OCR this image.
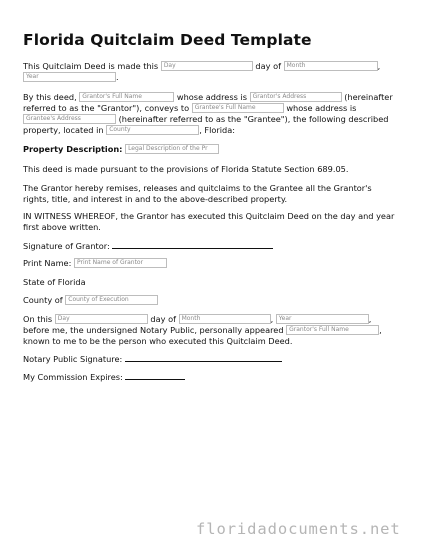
Florida Quitclaim Deed Template

This Quitclaim Deed is made this Day	day of Month	,

Year	.

By this deed, Grantor's Full Name	whose address is Grantor's Address	(hereinafter

referred to as the "Grantor"), conveys to Grantee's Full Name	whose address is

Grantee's Address	(hereinafter referred to as the "Grantee"), the following described

property, located in County	, Florida:

Property Description: Legal Description of the Pr

This deed is made pursuant to the provisions of Florida Statute Section 689.05.

The Grantor hereby remises, releases and quitclaims to the Grantee all the Grantor's

rights, title, and interest in and to the above-described property.

IN WITNESS WHEREOF, the Grantor has executed this Quitclaim Deed on the day and year

first above written.

Signature of Grantor:

Print Name: Print Name of Grantor

State of Florida

County of County of Execution

On this Day	day of Month	, Year	,

before me, the undersigned Notary Public, personally appeared Grantor's Full Name	,

known to me to be the person who executed this Quitclaim Deed.

Notary Public Signature:

My Commission Expires:

floridadocuments.net
